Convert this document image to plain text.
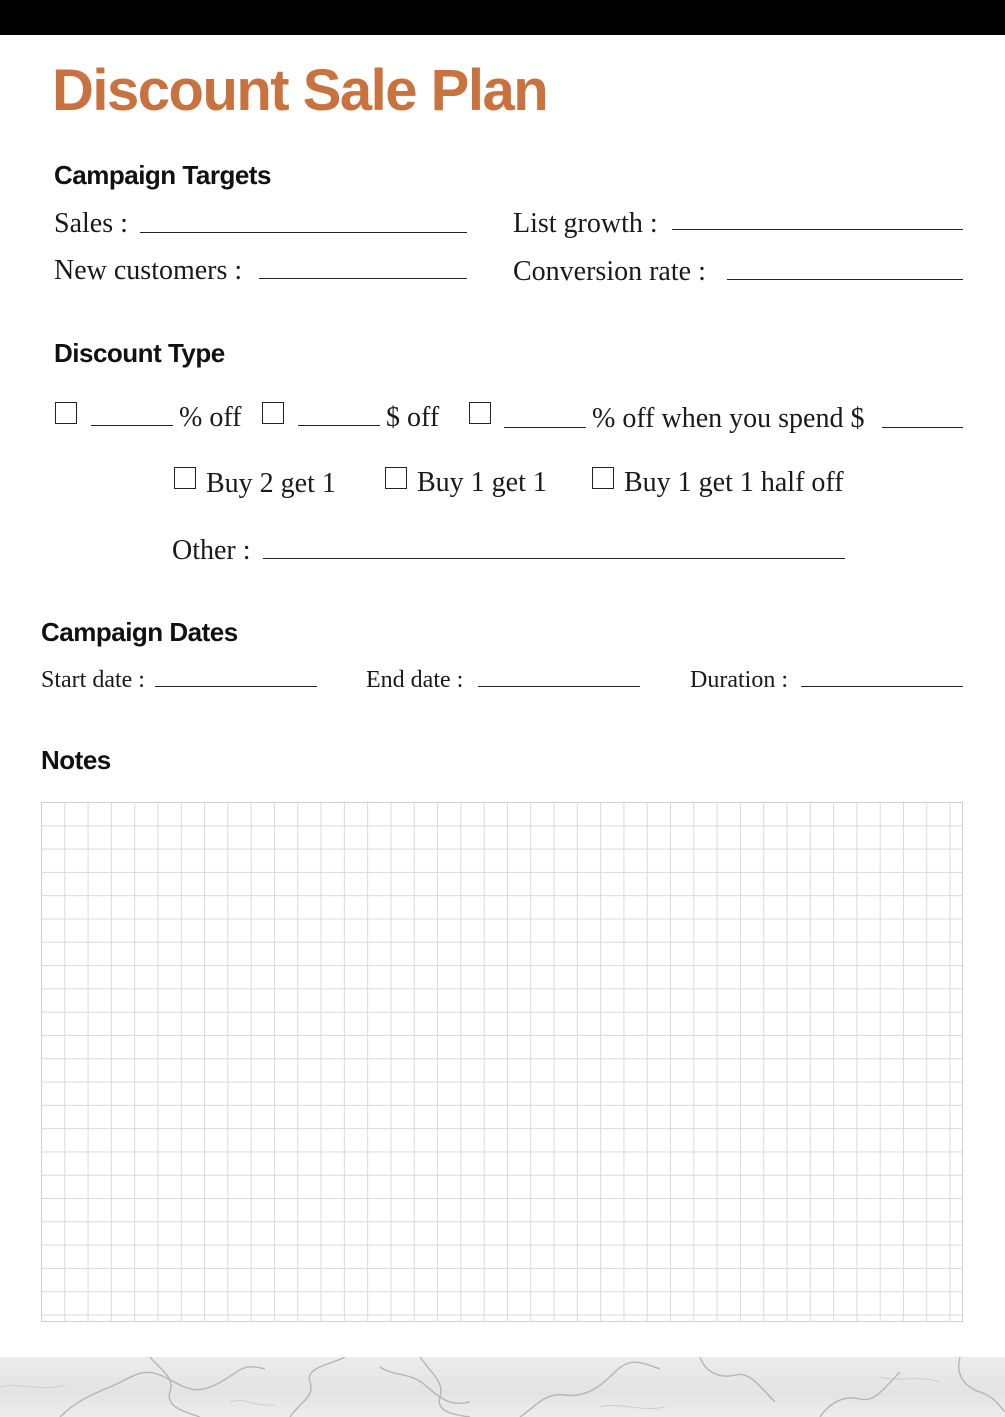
Discount Sale Plan
Campaign Targets
Sales :	List growth :
New customers :	Conversion rate :
Discount Type
% off	$ off	% off when you spend $
Buy 2 get 1	Buy 1 get 1	Buy 1 get 1 half off
Other :
Campaign Dates
Start date :	End date :	Duration :
Notes
